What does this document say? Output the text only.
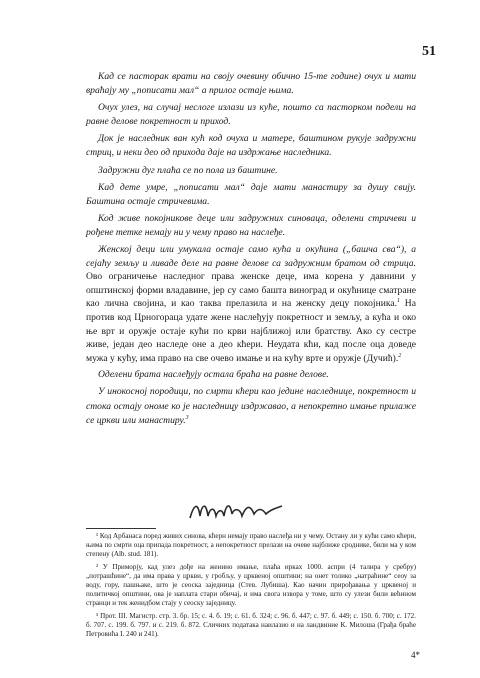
51

Кад се пасторак врати на своју очевину обично 15-те године) очух и мати враћају му „пописати мал“ а прилог остаје њима.

Очух улез, на случај неслоге излази из куће, пошто са пасторком подели на равне делове покретност и приход.

Док је наследник ван кућ код очуха и матере, баштином рукује задружни стриц, и неки део од прихода даје на издржање наследника.

Задружни дуг плаћа се по пола из баштине.

Кад дете умре, „пописати мал“ даје мати манастиру за душу свију. Баштина остаје стричевима.

Код живе покојникове деце или задружних синоваца, оделени стричеви и рођене тетке немају ни у чему право на наслеђе.

Женској деци или умукала остаје само кућа и окућина („башча сва“), а сејаћу земљу и ливаде деле на равне делове са задружним братом од стрица. Ово ограничење наследног права женске деце, има корена у давнини у општинској форми владавине, јер су само башта виноград и окућнице сматране као лична својина, и као таква прелазила и на женску децу покојника.$^1$ На против код Црногораца удате жене наслеђују покретност и земљу, а кућа и око ње врт и оружје остаје кући по крви најближој или братству. Ако су сестре живе, један део наследе оне а део кћери. Неудата кћи, кад после оца доведе мужа у кућу, има право на све очево имање и на кућу врте и оружје (Дучић).$^2$

Оделени брата наслеђују остала браћа на равне делове.

У инокосној породици, по смрти кћери као једине наследнице, покретност и стока остају ономе ко је наследницу издржавао, а непокретно имање прилаже се цркви или манастиру.$^3$

¹ Код Арбанаса поред живих синова, кћерн немају право наслеђа ни у чему. Остану ли у кући само кћери, њима по смрти оца припада покретност, а непокретност прелази на очеве најближе сроднике, били ма у ком степену (Alb. stud. 181).

² У Приморју, кад улез дође на женино имање, плаћа ирках 1000. аспри (4 талира у сребру) „потрашћине“, да има права у цркви, у гробљу, у црквеној општини; на онет толико „натраћине“ сеоу за воду, гору, пашњаке, што је сеоска заједница (Стев. Лубиша). Као начин прирођавања у црквеној и политичкој општини, ова је наплата стари обичај, и има свога извора у томе, што су улези били већином странци и тек женидбом стају у сеоску заједницу.

³ Прот. III. Магистр. стр. 3. бр. 15; с. 4. б. 19; с. 61. б. 324; с. 96. б. 447; с. 97. б. 449; с. 150. б. 700; с. 172. б. 707. с. 199. б. 797. и с. 219. б. 872. Сличних података наилазио и на ландвиние К. Милоша (Грађа браће Петровића I. 240 и 241).

4*
